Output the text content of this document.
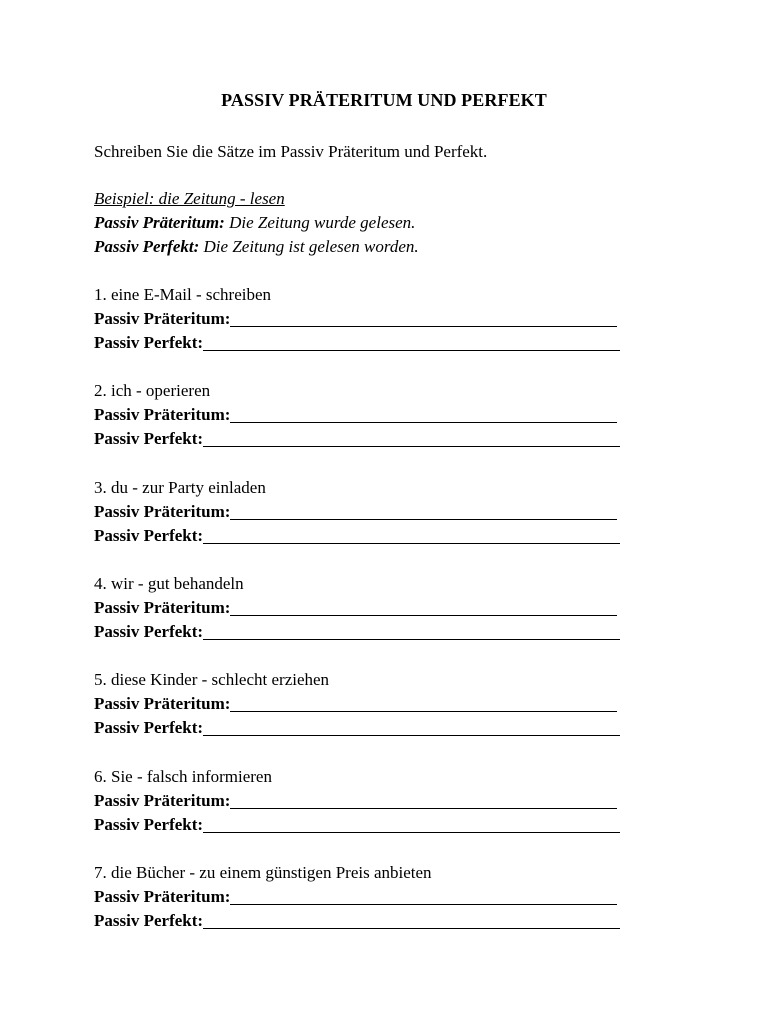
PASSIV PRÄTERITUM UND PERFEKT
Schreiben Sie die Sätze im Passiv Präteritum und Perfekt.
Beispiel: die Zeitung - lesen
Passiv Präteritum: Die Zeitung wurde gelesen.
Passiv Perfekt: Die Zeitung ist gelesen worden.
1. eine E-Mail - schreiben
Passiv Präteritum:
Passiv Perfekt:
2. ich - operieren
Passiv Präteritum:
Passiv Perfekt:
3. du - zur Party einladen
Passiv Präteritum:
Passiv Perfekt:
4. wir - gut behandeln
Passiv Präteritum:
Passiv Perfekt:
5. diese Kinder - schlecht erziehen
Passiv Präteritum:
Passiv Perfekt:
6. Sie - falsch informieren
Passiv Präteritum:
Passiv Perfekt:
7. die Bücher - zu einem günstigen Preis anbieten
Passiv Präteritum:
Passiv Perfekt:
